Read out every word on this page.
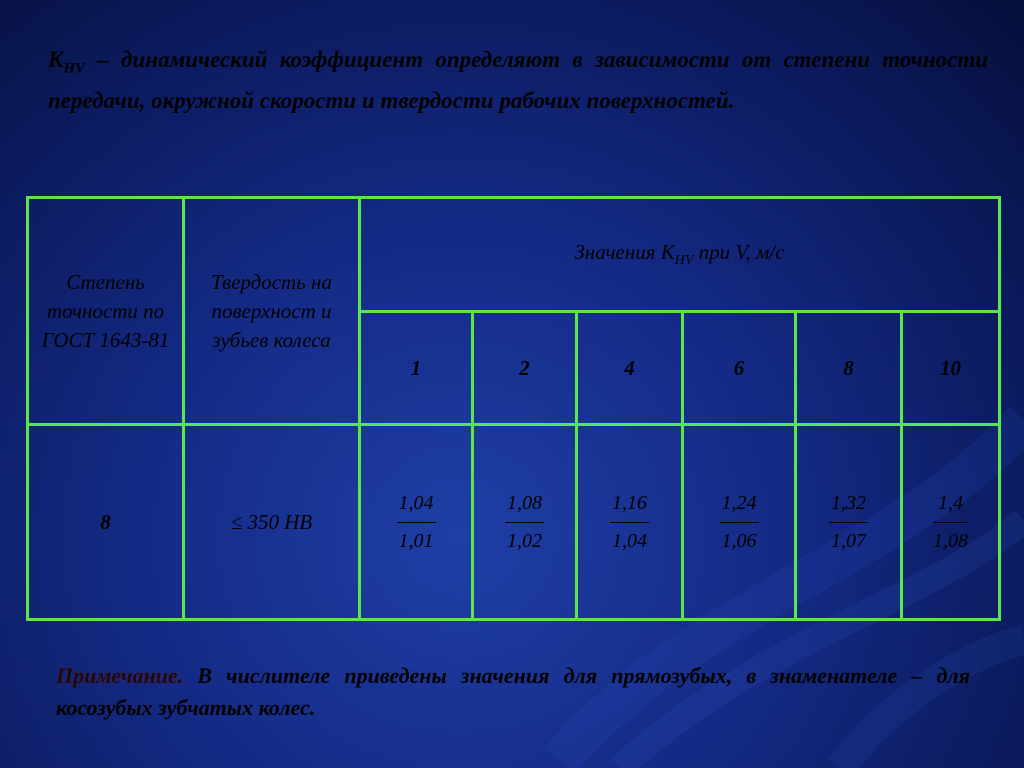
$K_{HV}$ – динамический коэффициент определяют в зависимости от степени точности передачи, окружной скорости и твердости рабочих поверхностей.
Степень точности по ГОСТ 1643-81	Твердость на поверхност и зубьев колеса	Значения $K_{HV}$ при V, м/с					
		1	2	4	6	8	10
8	≤ 350 HB	$\frac{1,04}{1,01}$	$\frac{1,08}{1,02}$	$\frac{1,16}{1,04}$	$\frac{1,24}{1,06}$	$\frac{1,32}{1,07}$	$\frac{1,4}{1,08}$
Примечание. В числителе приведены значения для прямозубых, в знаменателе – для косозубых зубчатых колес.
